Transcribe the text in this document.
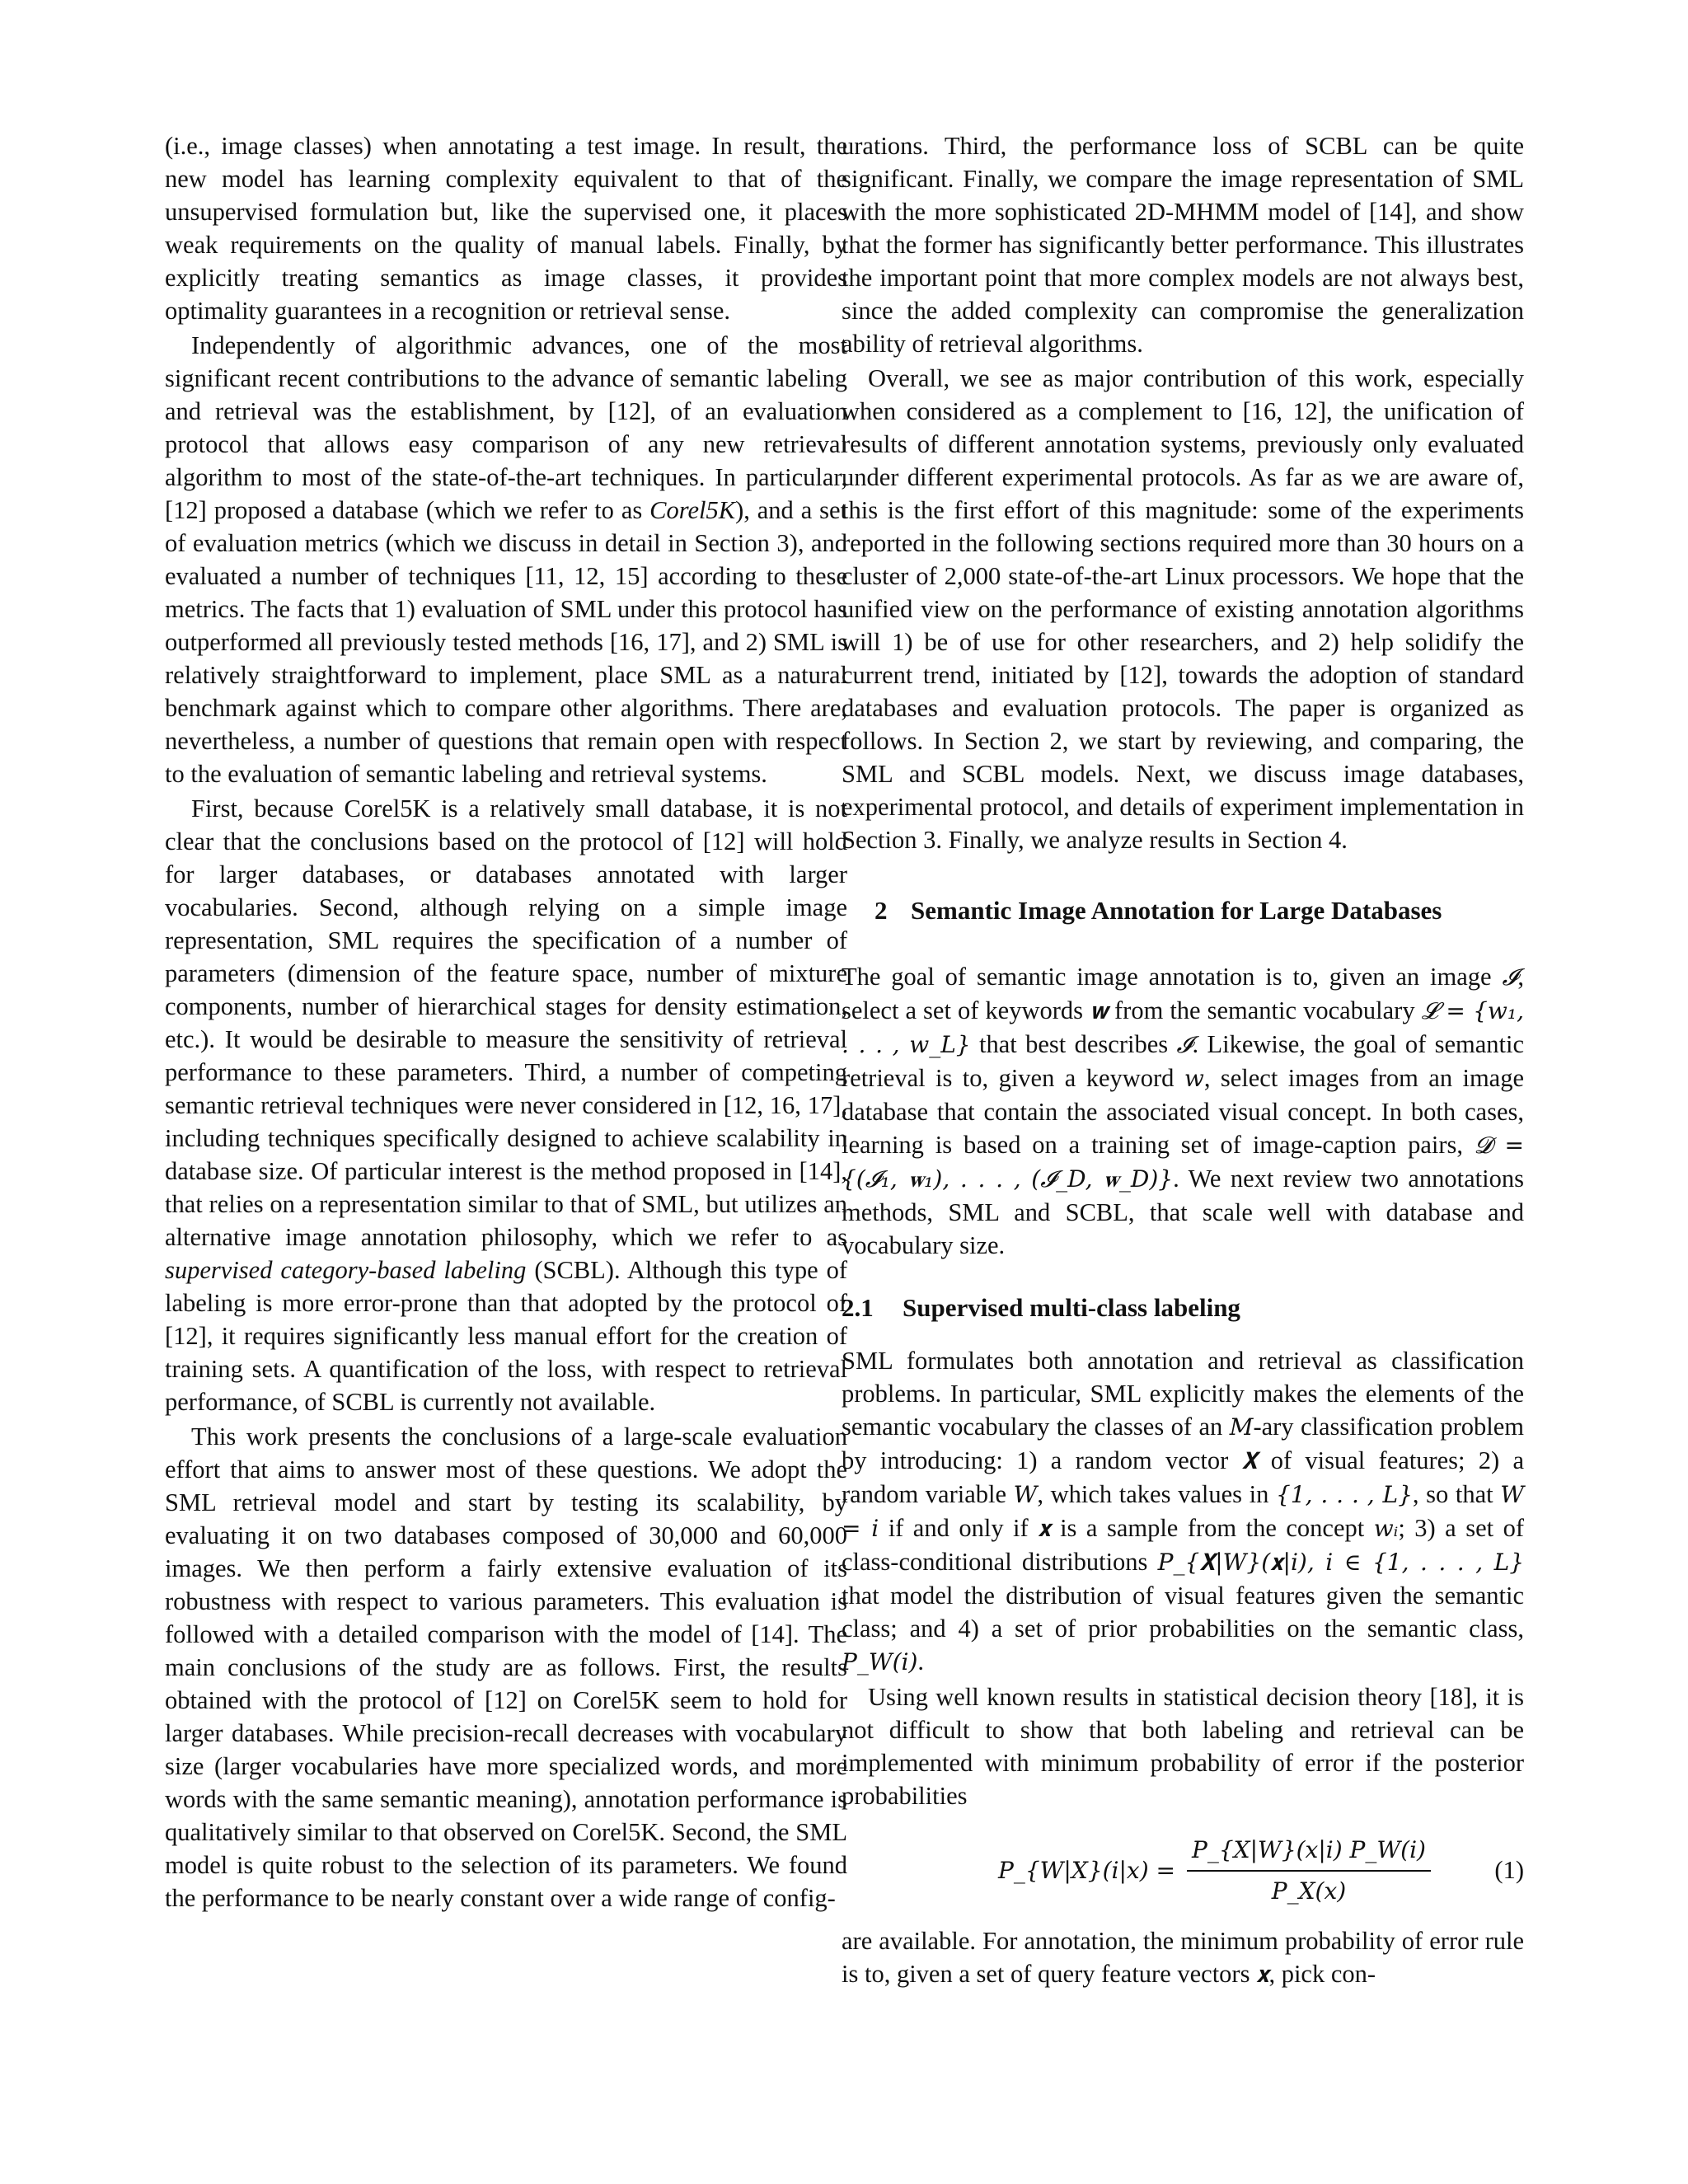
(i.e., image classes) when annotating a test image. In result, the new model has learning complexity equivalent to that of the unsupervised formulation but, like the supervised one, it places weak requirements on the quality of manual labels. Finally, by explicitly treating semantics as image classes, it provides optimality guarantees in a recognition or retrieval sense.

Independently of algorithmic advances, one of the most significant recent contributions to the advance of semantic labeling and retrieval was the establishment, by [12], of an evaluation protocol that allows easy comparison of any new retrieval algorithm to most of the state-of-the-art techniques. In particular, [12] proposed a database (which we refer to as Corel5K), and a set of evaluation metrics (which we discuss in detail in Section 3), and evaluated a number of techniques [11, 12, 15] according to these metrics. The facts that 1) evaluation of SML under this protocol has outperformed all previously tested methods [16, 17], and 2) SML is relatively straightforward to implement, place SML as a natural benchmark against which to compare other algorithms. There are, nevertheless, a number of questions that remain open with respect to the evaluation of semantic labeling and retrieval systems.

First, because Corel5K is a relatively small database, it is not clear that the conclusions based on the protocol of [12] will hold for larger databases, or databases annotated with larger vocabularies. Second, although relying on a simple image representation, SML requires the specification of a number of parameters (dimension of the feature space, number of mixture components, number of hierarchical stages for density estimation, etc.). It would be desirable to measure the sensitivity of retrieval performance to these parameters. Third, a number of competing semantic retrieval techniques were never considered in [12, 16, 17], including techniques specifically designed to achieve scalability in database size. Of particular interest is the method proposed in [14], that relies on a representation similar to that of SML, but utilizes an alternative image annotation philosophy, which we refer to as supervised category-based labeling (SCBL). Although this type of labeling is more error-prone than that adopted by the protocol of [12], it requires significantly less manual effort for the creation of training sets. A quantification of the loss, with respect to retrieval performance, of SCBL is currently not available.

This work presents the conclusions of a large-scale evaluation effort that aims to answer most of these questions. We adopt the SML retrieval model and start by testing its scalability, by evaluating it on two databases composed of 30,000 and 60,000 images. We then perform a fairly extensive evaluation of its robustness with respect to various parameters. This evaluation is followed with a detailed comparison with the model of [14]. The main conclusions of the study are as follows. First, the results obtained with the protocol of [12] on Corel5K seem to hold for larger databases. While precision-recall decreases with vocabulary size (larger vocabularies have more specialized words, and more words with the same semantic meaning), annotation performance is qualitatively similar to that observed on Corel5K. Second, the SML model is quite robust to the selection of its parameters. We found the performance to be nearly constant over a wide range of config-

urations. Third, the performance loss of SCBL can be quite significant. Finally, we compare the image representation of SML with the more sophisticated 2D-MHMM model of [14], and show that the former has significantly better performance. This illustrates the important point that more complex models are not always best, since the added complexity can compromise the generalization ability of retrieval algorithms.

Overall, we see as major contribution of this work, especially when considered as a complement to [16, 12], the unification of results of different annotation systems, previously only evaluated under different experimental protocols. As far as we are aware of, this is the first effort of this magnitude: some of the experiments reported in the following sections required more than 30 hours on a cluster of 2,000 state-of-the-art Linux processors. We hope that the unified view on the performance of existing annotation algorithms will 1) be of use for other researchers, and 2) help solidify the current trend, initiated by [12], towards the adoption of standard databases and evaluation protocols. The paper is organized as follows. In Section 2, we start by reviewing, and comparing, the SML and SCBL models. Next, we discuss image databases, experimental protocol, and details of experiment implementation in Section 3. Finally, we analyze results in Section 4.

2 Semantic Image Annotation for Large Databases

The goal of semantic image annotation is to, given an image 𝓘, select a set of keywords 𝐰 from the semantic vocabulary 𝓛 = {w₁, . . . , w_L} that best describes 𝓘. Likewise, the goal of semantic retrieval is to, given a keyword w, select images from an image database that contain the associated visual concept. In both cases, learning is based on a training set of image-caption pairs, 𝓓 = {(𝓘₁, 𝐰₁), . . . , (𝓘_D, 𝐰_D)}. We next review two annotations methods, SML and SCBL, that scale well with database and vocabulary size.

2.1 Supervised multi-class labeling

SML formulates both annotation and retrieval as classification problems. In particular, SML explicitly makes the elements of the semantic vocabulary the classes of an M-ary classification problem by introducing: 1) a random vector 𝐗 of visual features; 2) a random variable W, which takes values in {1, . . . , L}, so that W = i if and only if 𝐱 is a sample from the concept wᵢ; 3) a set of class-conditional distributions P_{𝐗|W}(𝐱|i), i ∈ {1, . . . , L} that model the distribution of visual features given the semantic class; and 4) a set of prior probabilities on the semantic class, P_W(i).

Using well known results in statistical decision theory [18], it is not difficult to show that both labeling and retrieval can be implemented with minimum probability of error if the posterior probabilities

P_{W|X}(i|x) = $\frac{P\_\{X|W\}(x|i) P\_W(i)}{P\_X(x)}$	(1)

are available. For annotation, the minimum probability of error rule is to, given a set of query feature vectors 𝐱, pick con-
